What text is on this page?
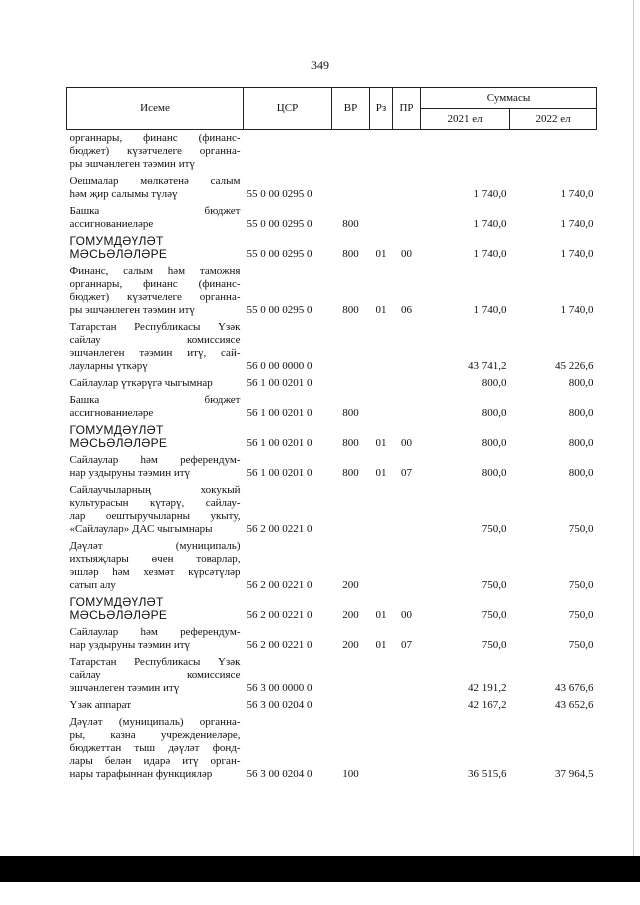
349
Исеме	ЦСР	ВР	Рз	ПР	Суммасы	
					2021 ел	2022 ел

органнары, финанс (финанс-
бюджет) күзәтчелеге органна-
ры эшчәнлеген тәэмин итү						

Оешмалар мөлкәтенә салым
һәм җир салымы түләү	55 0 00 0295 0				1 740,0	1 740,0

Башка бюджет
ассигнованиеләре	55 0 00 0295 0	800			1 740,0	1 740,0

ГОМУМДӘҮЛӘТ
МӘСЬӘЛӘЛӘРЕ	55 0 00 0295 0	800	01	00	1 740,0	1 740,0

Финанс, салым һәм таможня
органнары, финанс (финанс-
бюджет) күзәтчелеге органна-
ры эшчәнлеген тәэмин итү	55 0 00 0295 0	800	01	06	1 740,0	1 740,0

Татарстан Республикасы Үзәк
сайлау комиссиясе
эшчәнлеген тәэмин итү, сай-
лауларны үткәрү	56 0 00 0000 0				43 741,2	45 226,6

Сайлаулар үткәрүгә чыгымнар	56 1 00 0201 0				800,0	800,0

Башка бюджет
ассигнованиеләре	56 1 00 0201 0	800			800,0	800,0

ГОМУМДӘҮЛӘТ
МӘСЬӘЛӘЛӘРЕ	56 1 00 0201 0	800	01	00	800,0	800,0

Сайлаулар һәм референдум-
нар уздыруны тәэмин итү	56 1 00 0201 0	800	01	07	800,0	800,0

Сайлаучыларның хокукый
культурасын күтәрү, сайлау-
лар оештыручыларны укыту,
«Сайлаулар» ДАС чыгымнары	56 2 00 0221 0				750,0	750,0

Дәүләт (муниципаль)
ихтыяҗлары өчен товарлар,
эшләр һәм хезмәт күрсәтүләр
сатып алу	56 2 00 0221 0	200			750,0	750,0

ГОМУМДӘҮЛӘТ
МӘСЬӘЛӘЛӘРЕ	56 2 00 0221 0	200	01	00	750,0	750,0

Сайлаулар һәм референдум-
нар уздыруны тәэмин итү	56 2 00 0221 0	200	01	07	750,0	750,0

Татарстан Республикасы Үзәк
сайлау комиссиясе
эшчәнлеген тәэмин итү	56 3 00 0000 0				42 191,2	43 676,6

Үзәк аппарат	56 3 00 0204 0				42 167,2	43 652,6

Дәүләт (муниципаль) органна-
ры, казна учреждениеләре,
бюджеттан тыш дәүләт фонд-
лары белән идарә итү орган-
нары тарафыннан функцияләр	56 3 00 0204 0	100			36 515,6	37 964,5
